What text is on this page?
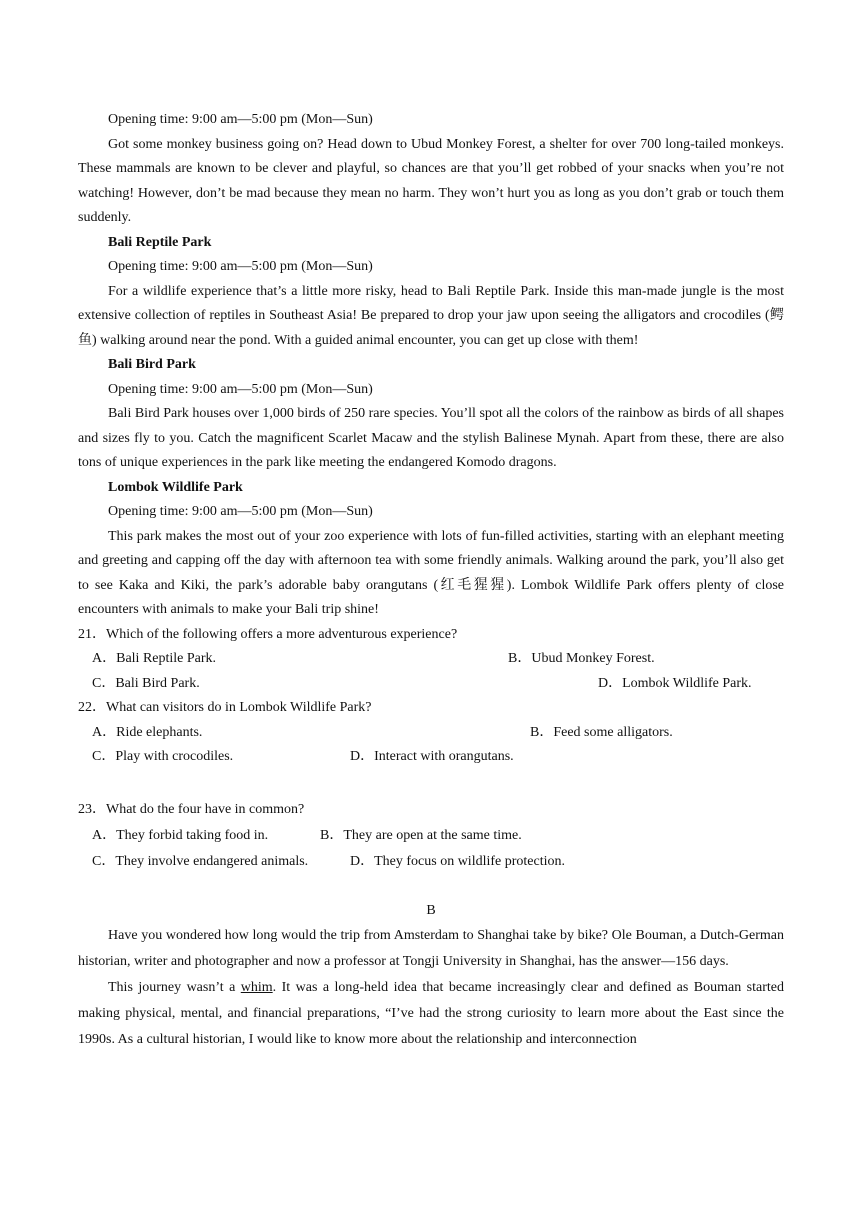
Opening time: 9:00 am—5:00 pm (Mon—Sun)

Got some monkey business going on? Head down to Ubud Monkey Forest, a shelter for over 700 long-tailed monkeys. These mammals are known to be clever and playful, so chances are that you’ll get robbed of your snacks when you’re not watching! However, don’t be mad because they mean no harm. They won’t hurt you as long as you don’t grab or touch them suddenly.

Bali Reptile Park

Opening time: 9:00 am—5:00 pm (Mon—Sun)

For a wildlife experience that’s a little more risky, head to Bali Reptile Park. Inside this man-made jungle is the most extensive collection of reptiles in Southeast Asia! Be prepared to drop your jaw upon seeing the alligators and crocodiles (鳄鱼) walking around near the pond. With a guided animal encounter, you can get up close with them!

Bali Bird Park

Opening time: 9:00 am—5:00 pm (Mon—Sun)

Bali Bird Park houses over 1,000 birds of 250 rare species. You’ll spot all the colors of the rainbow as birds of all shapes and sizes fly to you. Catch the magnificent Scarlet Macaw and the stylish Balinese Mynah. Apart from these, there are also tons of unique experiences in the park like meeting the endangered Komodo dragons.

Lombok Wildlife Park

Opening time: 9:00 am—5:00 pm (Mon—Sun)

This park makes the most out of your zoo experience with lots of fun-filled activities, starting with an elephant meeting and greeting and capping off the day with afternoon tea with some friendly animals. Walking around the park, you’ll also get to see Kaka and Kiki, the park’s adorable baby orangutans (红毛猩猩). Lombok Wildlife Park offers plenty of close encounters with animals to make your Bali trip shine!

21．Which of the following offers a more adventurous experience?

A．Bali Reptile Park.	B．Ubud Monkey Forest.
C．Bali Bird Park.	D．Lombok Wildlife Park.

22．What can visitors do in Lombok Wildlife Park?

A．Ride elephants.	B．Feed some alligators.
C．Play with crocodiles.	D．Interact with orangutans.

23．What do the four have in common?

A．They forbid taking food in.	B．They are open at the same time.
C．They involve endangered animals.	D．They focus on wildlife protection.

B

Have you wondered how long would the trip from Amsterdam to Shanghai take by bike? Ole Bouman, a Dutch-German historian, writer and photographer and now a professor at Tongji University in Shanghai, has the answer—156 days.

This journey wasn’t a whim. It was a long-held idea that became increasingly clear and defined as Bouman started making physical, mental, and financial preparations, “I’ve had the strong curiosity to learn more about the East since the 1990s. As a cultural historian, I would like to know more about the relationship and interconnection
